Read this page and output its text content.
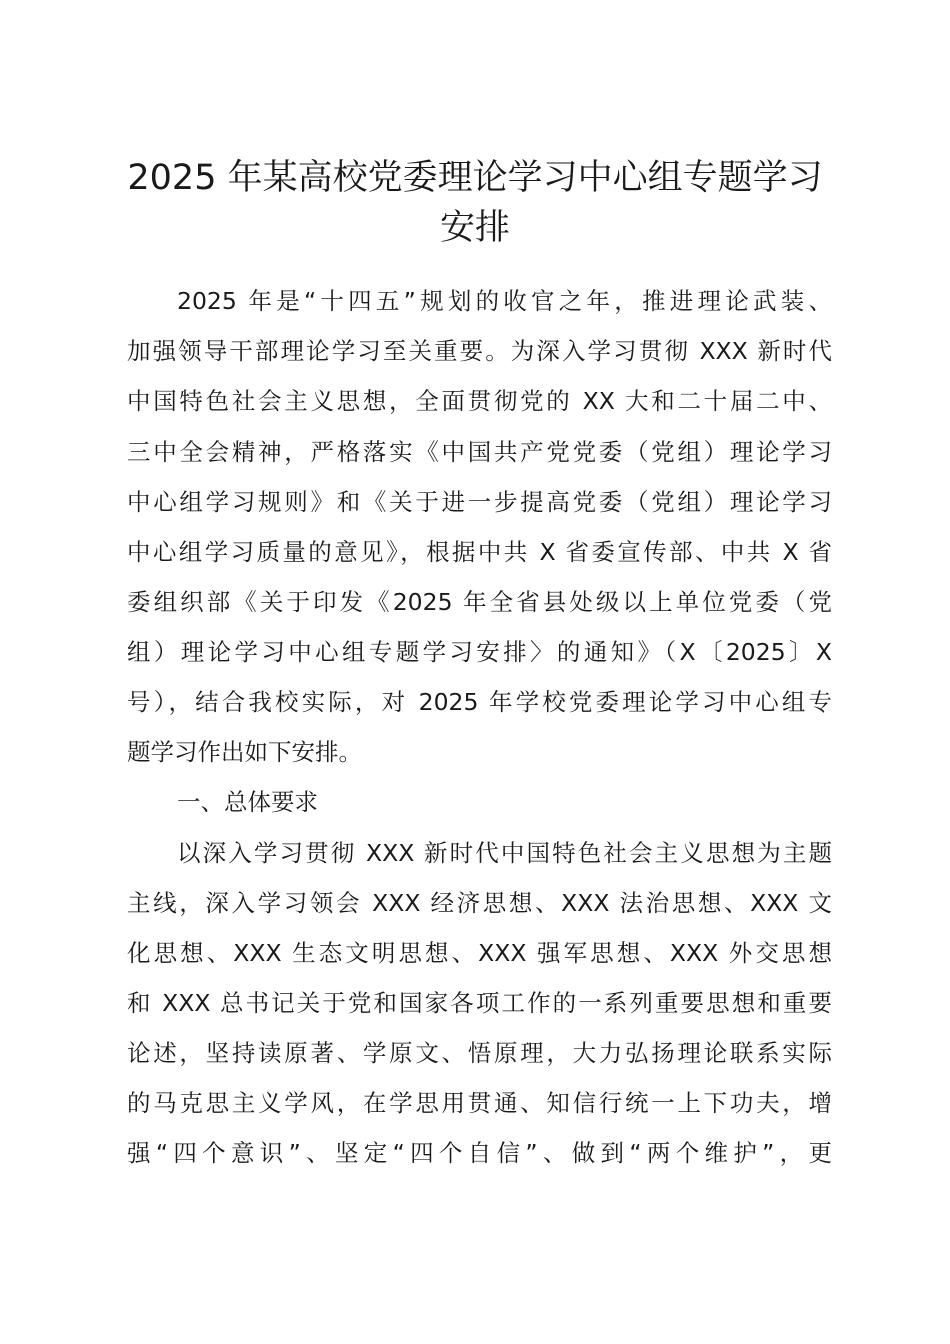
2025 年某高校党委理论学习中心组专题学习
安排
2025 年是“十四五”规划的收官之年，推进理论武装、
加强领导干部理论学习至关重要。为深入学习贯彻 XXX 新时代
中国特色社会主义思想，全面贯彻党的 XX 大和二十届二中、
三中全会精神，严格落实《中国共产党党委（党组）理论学习
中心组学习规则》和《关于进一步提高党委（党组）理论学习
中心组学习质量的意见》，根据中共 X 省委宣传部、中共 X 省
委组织部《关于印发《2025 年全省县处级以上单位党委（党
组）理论学习中心组专题学习安排〉的通知》（X〔2025〕X
号），结合我校实际，对 2025 年学校党委理论学习中心组专
题学习作出如下安排。
一、总体要求
以深入学习贯彻 XXX 新时代中国特色社会主义思想为主题
主线，深入学习领会 XXX 经济思想、XXX 法治思想、XXX 文
化思想、XXX 生态文明思想、XXX 强军思想、XXX 外交思想
和 XXX 总书记关于党和国家各项工作的一系列重要思想和重要
论述，坚持读原著、学原文、悟原理，大力弘扬理论联系实际
的马克思主义学风，在学思用贯通、知信行统一上下功夫，增
强“四个意识”、坚定“四个自信”、做到“两个维护”，更
